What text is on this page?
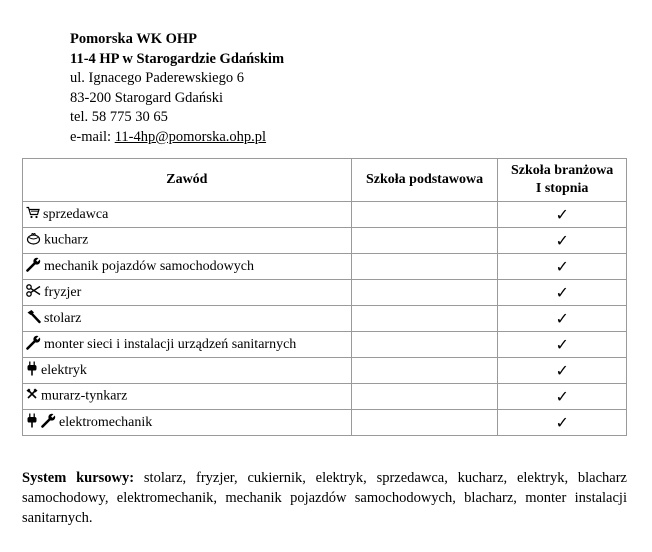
Pomorska WK OHP
11-4 HP w Starogardzie Gdańskim
ul. Ignacego Paderewskiego 6
83-200 Starogard Gdański
tel. 58 775 30 65
e-mail: 11-4hp@pomorska.ohp.pl
Zawód	Szkoła podstawowa	Szkoła branżowa
I stopnia
sprzedawca		✓
kucharz		✓
mechanik pojazdów samochodowych		✓
fryzjer		✓
stolarz		✓
monter sieci i instalacji urządzeń sanitarnych		✓
elektryk		✓
murarz-tynkarz		✓
elektromechanik		✓
System kursowy: stolarz, fryzjer, cukiernik, elektryk, sprzedawca, kucharz, elektryk, blacharz samochodowy, elektromechanik, mechanik pojazdów samochodowych, blacharz, monter instalacji sanitarnych.
